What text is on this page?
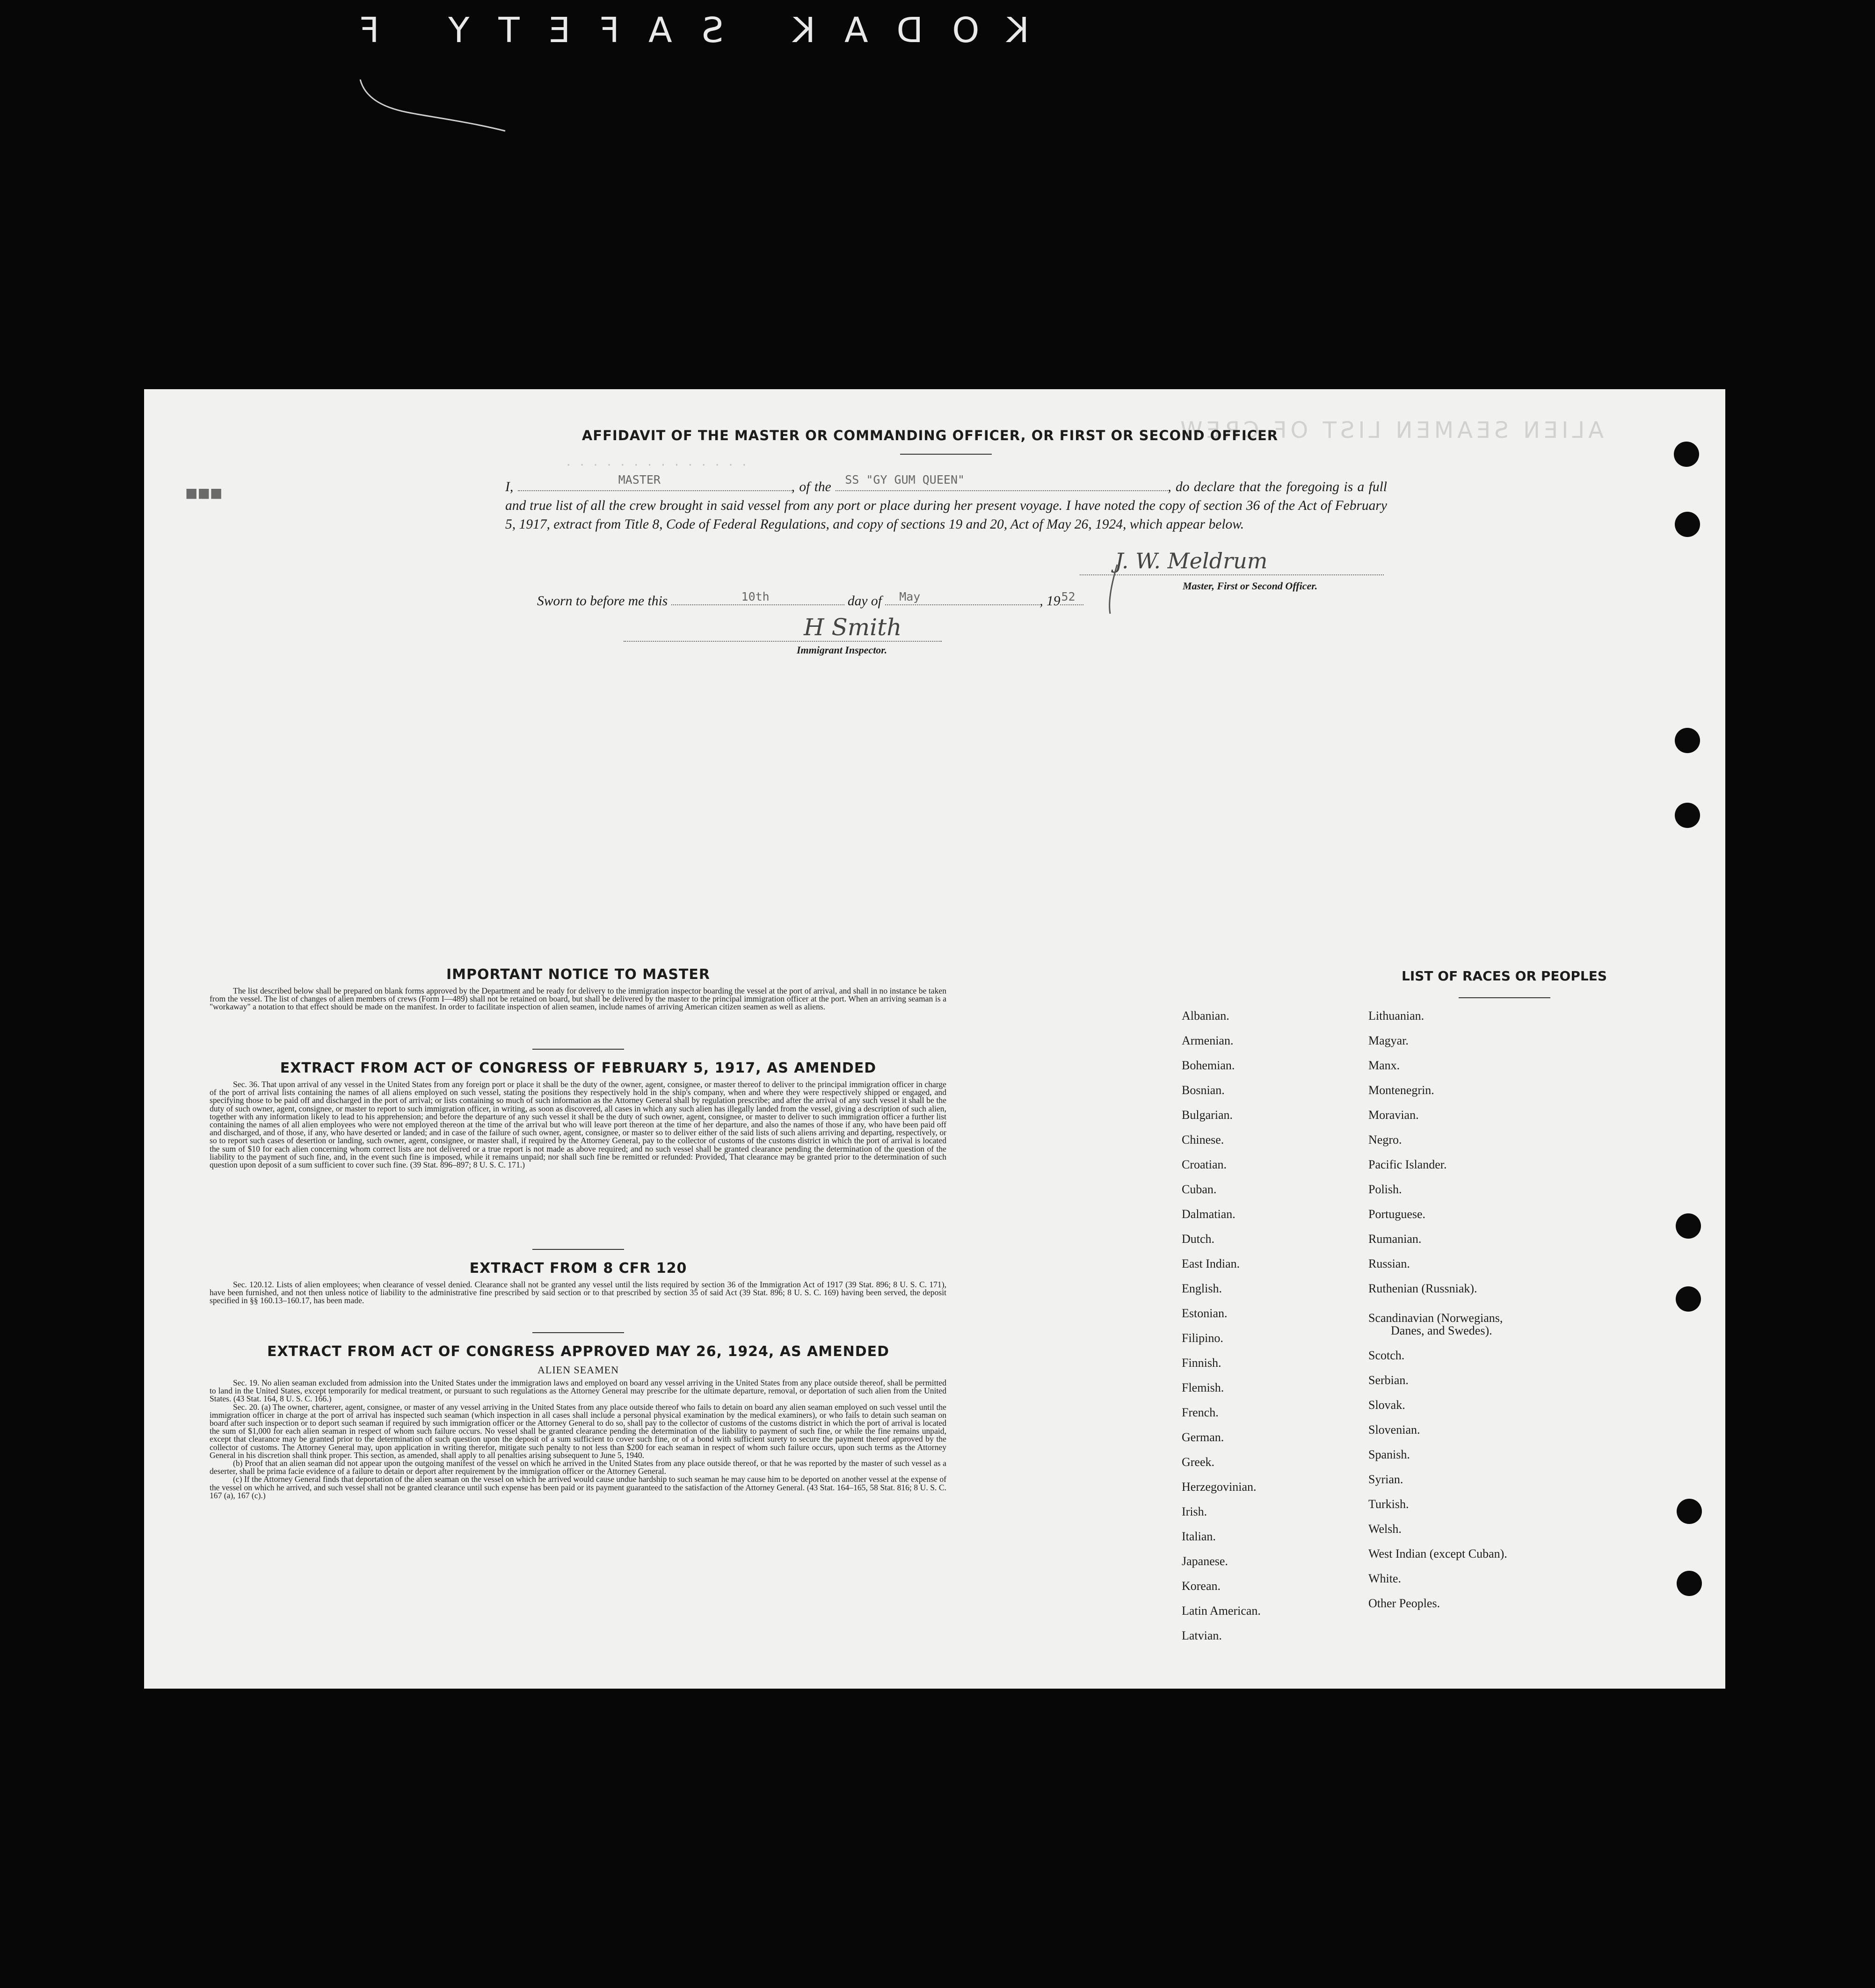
KODAK SAFETY F
ALIEN SEAMEN LIST OF CREW
· · · · · · · · · · · · · ·
■■■
AFFIDAVIT OF THE MASTER OR COMMANDING OFFICER, OR FIRST OR SECOND OFFICER
I,	MASTER	, of the SS "GY GUM QUEEN"	, do declare that the foregoing is a full and true list of all the crew brought in said vessel from any port or place during her present voyage. I have noted the copy of section 36 of the Act of February 5, 1917, extract from Title 8, Code of Federal Regulations, and copy of sections 19 and 20, Act of May 26, 1924, which appear below.
J. W. Meldrum
Master, First or Second Officer.
Sworn to before me this	10th	day of May	, 19 52
H Smith
Immigrant Inspector.
IMPORTANT NOTICE TO MASTER
The list described below shall be prepared on blank forms approved by the Department and be ready for delivery to the immigration inspector boarding the vessel at the port of arrival, and shall in no instance be taken from the vessel. The list of changes of alien members of crews (Form I—489) shall not be retained on board, but shall be delivered by the master to the principal immigration officer at the port. When an arriving seaman is a "workaway" a notation to that effect should be made on the manifest. In order to facilitate inspection of alien seamen, include names of arriving American citizen seamen as well as aliens.
EXTRACT FROM ACT OF CONGRESS OF FEBRUARY 5, 1917, AS AMENDED
Sec. 36. That upon arrival of any vessel in the United States from any foreign port or place it shall be the duty of the owner, agent, consignee, or master thereof to deliver to the principal immigration officer in charge of the port of arrival lists containing the names of all aliens employed on such vessel, stating the positions they respectively hold in the ship's company, when and where they were respectively shipped or engaged, and specifying those to be paid off and discharged in the port of arrival; or lists containing so much of such information as the Attorney General shall by regulation prescribe; and after the arrival of any such vessel it shall be the duty of such owner, agent, consignee, or master to report to such immigration officer, in writing, as soon as discovered, all cases in which any such alien has illegally landed from the vessel, giving a description of such alien, together with any information likely to lead to his apprehension; and before the departure of any such vessel it shall be the duty of such owner, agent, consignee, or master to deliver to such immigration officer a further list containing the names of all alien employees who were not employed thereon at the time of the arrival but who will leave port thereon at the time of her departure, and also the names of those if any, who have been paid off and discharged, and of those, if any, who have deserted or landed; and in case of the failure of such owner, agent, consignee, or master so to deliver either of the said lists of such aliens arriving and departing, respectively, or so to report such cases of desertion or landing, such owner, agent, consignee, or master shall, if required by the Attorney General, pay to the collector of customs of the customs district in which the port of arrival is located the sum of $10 for each alien concerning whom correct lists are not delivered or a true report is not made as above required; and no such vessel shall be granted clearance pending the determination of the question of the liability to the payment of such fine, and, in the event such fine is imposed, while it remains unpaid; nor shall such fine be remitted or refunded: Provided, That clearance may be granted prior to the determination of such question upon deposit of a sum sufficient to cover such fine. (39 Stat. 896–897; 8 U. S. C. 171.)
EXTRACT FROM 8 CFR 120
Sec. 120.12. Lists of alien employees; when clearance of vessel denied. Clearance shall not be granted any vessel until the lists required by section 36 of the Immigration Act of 1917 (39 Stat. 896; 8 U. S. C. 171), have been furnished, and not then unless notice of liability to the administrative fine prescribed by said section or to that prescribed by section 35 of said Act (39 Stat. 896; 8 U. S. C. 169) having been served, the deposit specified in §§ 160.13–160.17, has been made.
EXTRACT FROM ACT OF CONGRESS APPROVED MAY 26, 1924, AS AMENDED
ALIEN SEAMEN
Sec. 19. No alien seaman excluded from admission into the United States under the immigration laws and employed on board any vessel arriving in the United States from any place outside thereof, shall be permitted to land in the United States, except temporarily for medical treatment, or pursuant to such regulations as the Attorney General may prescribe for the ultimate departure, removal, or deportation of such alien from the United States. (43 Stat. 164, 8 U. S. C. 166.)
Sec. 20. (a) The owner, charterer, agent, consignee, or master of any vessel arriving in the United States from any place outside thereof who fails to detain on board any alien seaman employed on such vessel until the immigration officer in charge at the port of arrival has inspected such seaman (which inspection in all cases shall include a personal physical examination by the medical examiners), or who fails to detain such seaman on board after such inspection or to deport such seaman if required by such immigration officer or the Attorney General to do so, shall pay to the collector of customs of the customs district in which the port of arrival is located the sum of $1,000 for each alien seaman in respect of whom such failure occurs. No vessel shall be granted clearance pending the determination of the liability to payment of such fine, or while the fine remains unpaid, except that clearance may be granted prior to the determination of such question upon the deposit of a sum sufficient to cover such fine, or of a bond with sufficient surety to secure the payment thereof approved by the collector of customs. The Attorney General may, upon application in writing therefor, mitigate such penalty to not less than $200 for each seaman in respect of whom such failure occurs, upon such terms as the Attorney General in his discretion shall think proper. This section, as amended, shall apply to all penalties arising subsequent to June 5, 1940.
(b) Proof that an alien seaman did not appear upon the outgoing manifest of the vessel on which he arrived in the United States from any place outside thereof, or that he was reported by the master of such vessel as a deserter, shall be prima facie evidence of a failure to detain or deport after requirement by the immigration officer or the Attorney General.
(c) If the Attorney General finds that deportation of the alien seaman on the vessel on which he arrived would cause undue hardship to such seaman he may cause him to be deported on another vessel at the expense of the vessel on which he arrived, and such vessel shall not be granted clearance until such expense has been paid or its payment guaranteed to the satisfaction of the Attorney General. (43 Stat. 164–165, 58 Stat. 816; 8 U. S. C. 167 (a), 167 (c).)
LIST OF RACES OR PEOPLES
Albanian.
Armenian.
Bohemian.
Bosnian.
Bulgarian.
Chinese.
Croatian.
Cuban.
Dalmatian.
Dutch.
East Indian.
English.
Estonian.
Filipino.
Finnish.
Flemish.
French.
German.
Greek.
Herzegovinian.
Irish.
Italian.
Japanese.
Korean.
Latin American.
Latvian.
Lithuanian.
Magyar.
Manx.
Montenegrin.
Moravian.
Negro.
Pacific Islander.
Polish.
Portuguese.
Rumanian.
Russian.
Ruthenian (Russniak).
Scandinavian (Norwegians,
Danes, and Swedes).
Scotch.
Serbian.
Slovak.
Slovenian.
Spanish.
Syrian.
Turkish.
Welsh.
West Indian (except Cuban).
White.
Other Peoples.
